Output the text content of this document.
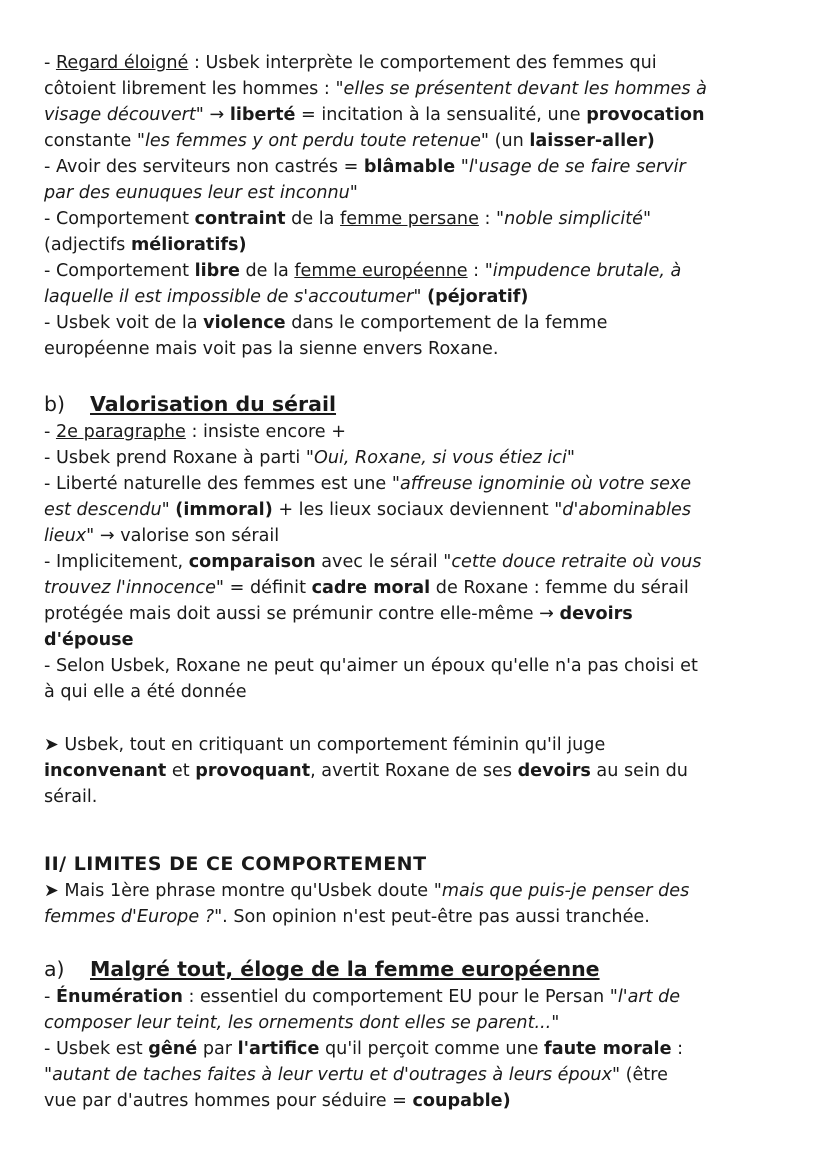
- Regard éloigné : Usbek interprète le comportement des femmes qui
côtoient librement les hommes : "elles se présentent devant les hommes à
visage découvert" → liberté = incitation à la sensualité, une provocation
constante "les femmes y ont perdu toute retenue" (un laisser-aller)
- Avoir des serviteurs non castrés = blâmable "l'usage de se faire servir
par des eunuques leur est inconnu"
- Comportement contraint de la femme persane : "noble simplicité"
(adjectifs mélioratifs)
- Comportement libre de la femme européenne : "impudence brutale, à
laquelle il est impossible de s'accoutumer" (péjoratif)
- Usbek voit de la violence dans le comportement de la femme
européenne mais voit pas la sienne envers Roxane.
b) Valorisation du sérail
- 2e paragraphe : insiste encore +
- Usbek prend Roxane à parti "Oui, Roxane, si vous étiez ici"
- Liberté naturelle des femmes est une "affreuse ignominie où votre sexe
est descendu" (immoral) + les lieux sociaux deviennent "d'abominables
lieux" → valorise son sérail
- Implicitement, comparaison avec le sérail "cette douce retraite où vous
trouvez l'innocence" = définit cadre moral de Roxane : femme du sérail
protégée mais doit aussi se prémunir contre elle-même → devoirs
d'épouse
- Selon Usbek, Roxane ne peut qu'aimer un époux qu'elle n'a pas choisi et
à qui elle a été donnée
➤ Usbek, tout en critiquant un comportement féminin qu'il juge
inconvenant et provoquant, avertit Roxane de ses devoirs au sein du
sérail.
II/ LIMITES DE CE COMPORTEMENT
➤ Mais 1ère phrase montre qu'Usbek doute "mais que puis-je penser des
femmes d'Europe ?". Son opinion n'est peut-être pas aussi tranchée.
a) Malgré tout, éloge de la femme européenne
- Énumération : essentiel du comportement EU pour le Persan "l'art de
composer leur teint, les ornements dont elles se parent..."
- Usbek est gêné par l'artifice qu'il perçoit comme une faute morale :
"autant de taches faites à leur vertu et d'outrages à leurs époux" (être
vue par d'autres hommes pour séduire = coupable)
